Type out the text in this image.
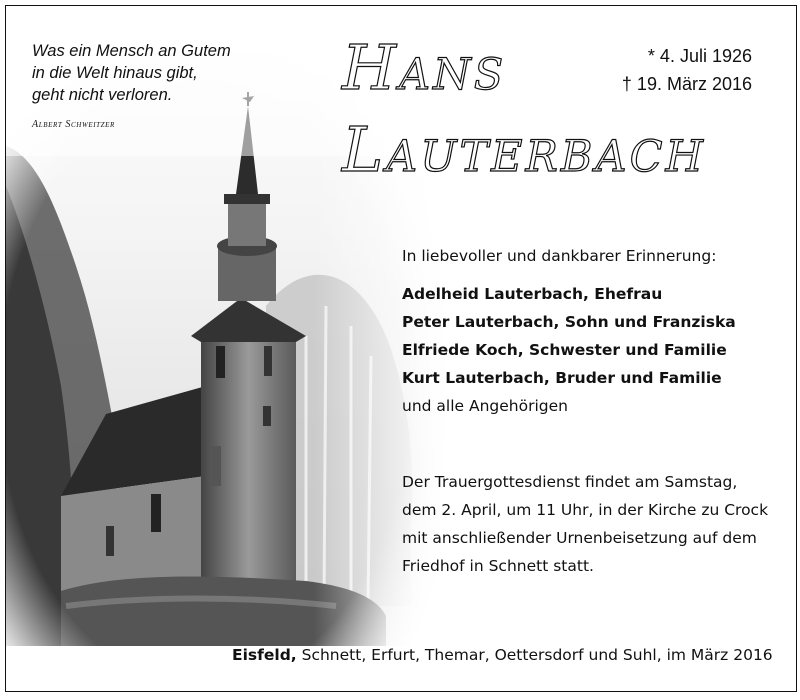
Was ein Mensch an Gutem
in die Welt hinaus gibt,
geht nicht verloren.
Albert Schweitzer
Hans
Lauterbach
* 4. Juli 1926
† 19. März 2016
In liebevoller und dankbarer Erinnerung:
Adelheid Lauterbach, Ehefrau
Peter Lauterbach, Sohn und Franziska
Elfriede Koch, Schwester und Familie
Kurt Lauterbach, Bruder und Familie
und alle Angehörigen
Der Trauergottesdienst findet am Samstag,
dem 2. April, um 11 Uhr, in der Kirche zu Crock
mit anschließender Urnenbeisetzung auf dem
Friedhof in Schnett statt.
Eisfeld, Schnett, Erfurt, Themar, Oettersdorf und Suhl, im März 2016
